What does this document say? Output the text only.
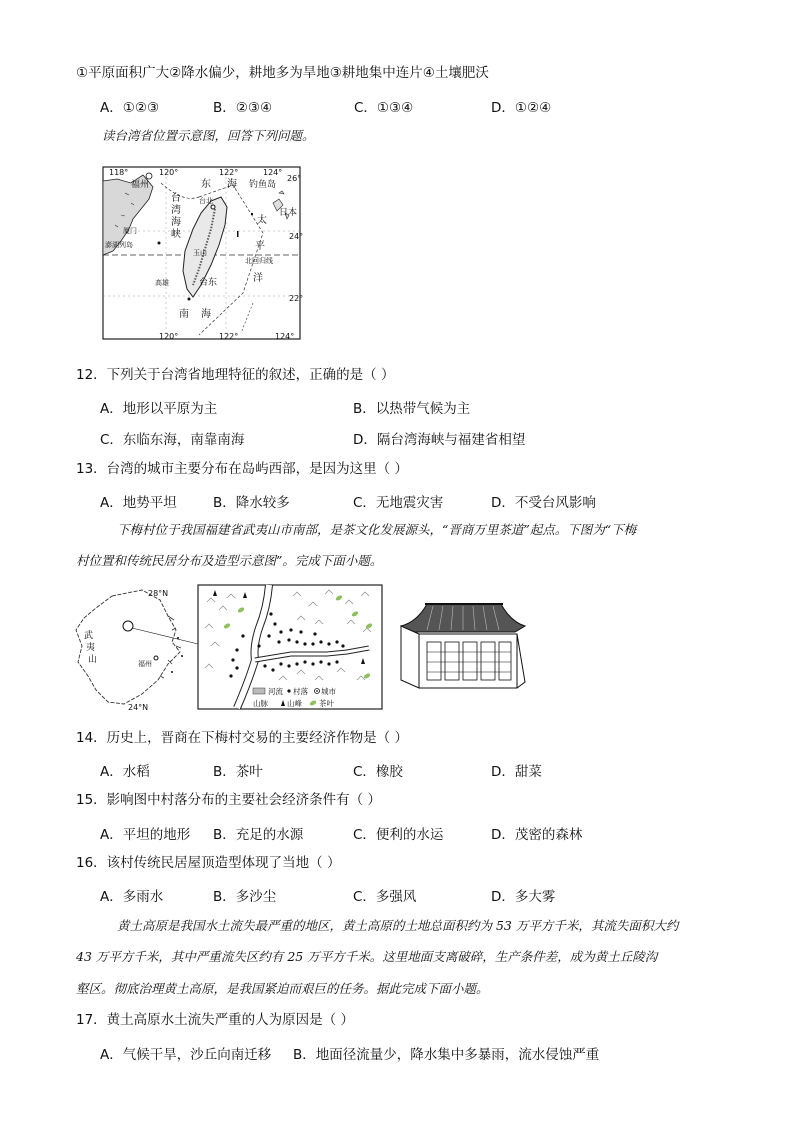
①平原面积广大②降水偏少，耕地多为旱地③耕地集中连片④土壤肥沃
A．①②③	B．②③④	C．①③④	D．①②④
读台湾省位置示意图，回答下列问题。
118°	120°	122°	124°
120°	122°	124°
26°
24°
22°
福州
台
湾
海
峡
厦门
澎湖列岛
台北
玉山
高雄	台东
东 海 钓鱼岛
日本
太
平
洋
北回归线
南 海
12．下列关于台湾省地理特征的叙述，正确的是（ ）
A．地形以平原为主	B．以热带气候为主
C．东临东海，南靠南海	D．隔台湾海峡与福建省相望
13．台湾的城市主要分布在岛屿西部，是因为这里（ ）
A．地势平坦	B．降水较多	C．无地震灾害	D．不受台风影响
下梅村位于我国福建省武夷山市南部，是茶文化发展源头，“晋商万里茶道”起点。下图为“下梅
村位置和传统民居分布及造型示意图”。完成下面小题。
28°N
24°N
武
夷
山	福州
河流 村落 城市
山脉	山峰 茶叶
14．历史上，晋商在下梅村交易的主要经济作物是（ ）
A．水稻	B．茶叶	C．橡胶	D．甜菜
15．影响图中村落分布的主要社会经济条件有（ ）
A．平坦的地形 B．充足的水源	C．便利的水运	D．茂密的森林
16．该村传统民居屋顶造型体现了当地（ ）
A．多雨水	B．多沙尘	C．多强风	D．多大雾
黄土高原是我国水土流失最严重的地区，黄土高原的土地总面积约为 53 万平方千米，其流失面积大约
43 万平方千米，其中严重流失区约有 25 万平方千米。这里地面支离破碎，生产条件差，成为黄土丘陵沟
壑区。彻底治理黄土高原，是我国紧迫而艰巨的任务。据此完成下面小题。
17．黄土高原水土流失严重的人为原因是（ ）
A．气候干旱，沙丘向南迁移 B．地面径流量少，降水集中多暴雨，流水侵蚀严重
